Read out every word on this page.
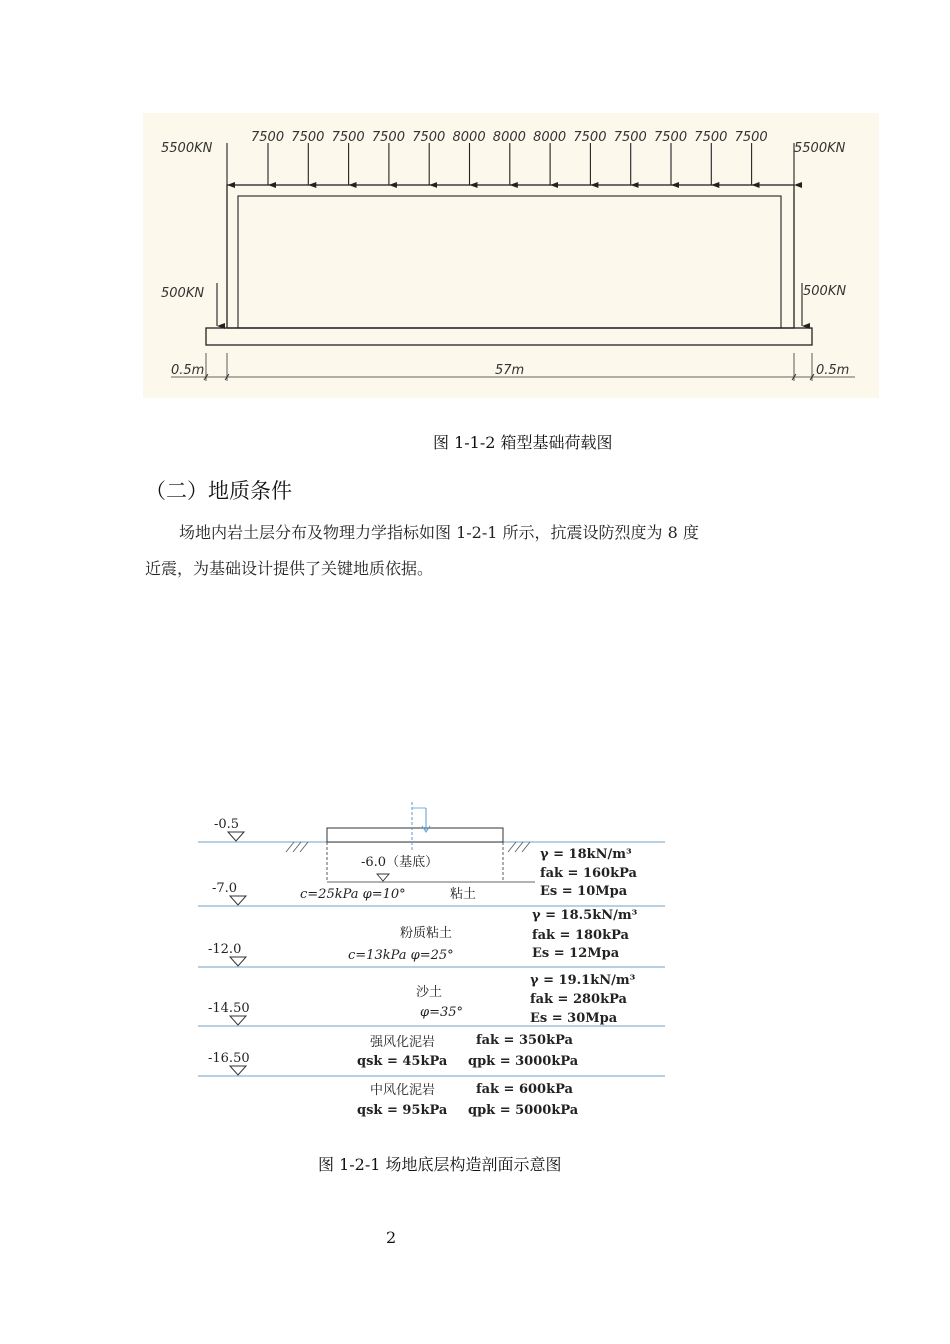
5500KN	5500KN
7500 7500 7500 7500 7500 8000 8000 8000 7500 7500 7500 7500 7500
500KN	500KN
0.5m	57m	0.5m
图 1-1-2 箱型基础荷载图
（二）地质条件
场地内岩土层分布及物理力学指标如图 1-2-1 所示，抗震设防烈度为 8 度
近震，为基础设计提供了关键地质依据。
-0.5
-7.0
-12.0
-14.50
-16.50
-6.0（基底）
c=25kPa φ=10°	粘土
γ = 18kN/m³
fak = 160kPa
Es = 10Mpa
粉质粘土
c=13kPa φ=25°
γ = 18.5kN/m³
fak = 180kPa
Es = 12Mpa
沙土
φ=35°
γ = 19.1kN/m³
fak = 280kPa
Es = 30Mpa
强风化泥岩	fak = 350kPa
qsk = 45kPa qpk = 3000kPa
中风化泥岩	fak = 600kPa
qsk = 95kPa qpk = 5000kPa
图 1-2-1 场地底层构造剖面示意图
2
